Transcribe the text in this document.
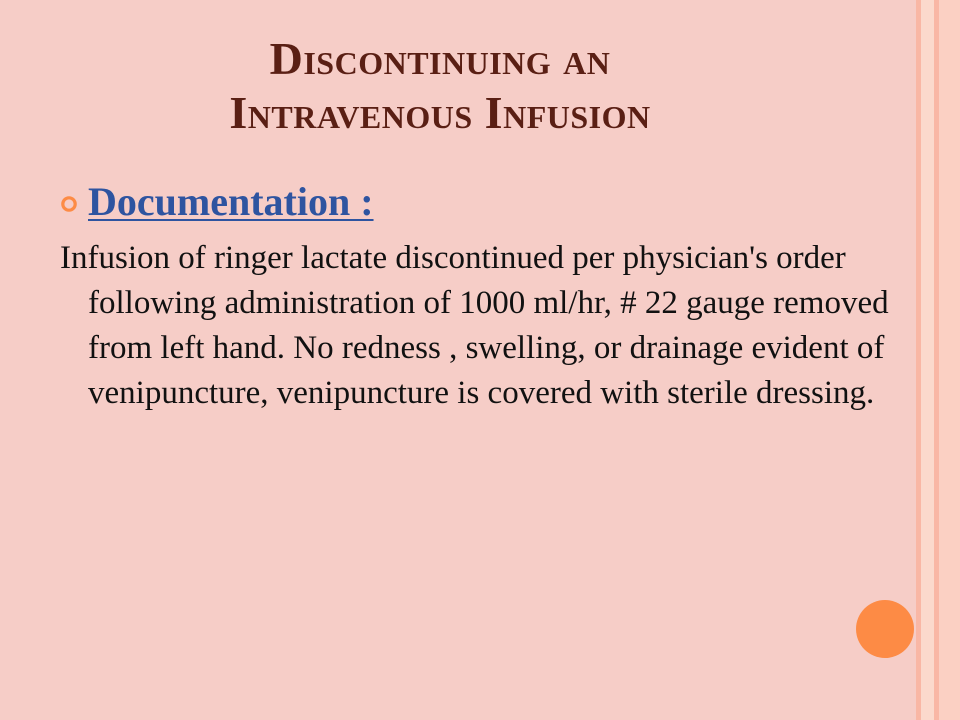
Discontinuing an
Intravenous Infusion
Documentation :

Infusion of ringer lactate discontinued per physician's order following administration of 1000 ml/hr, # 22 gauge removed from left hand. No redness , swelling, or drainage evident of venipuncture, venipuncture is covered with sterile dressing.
